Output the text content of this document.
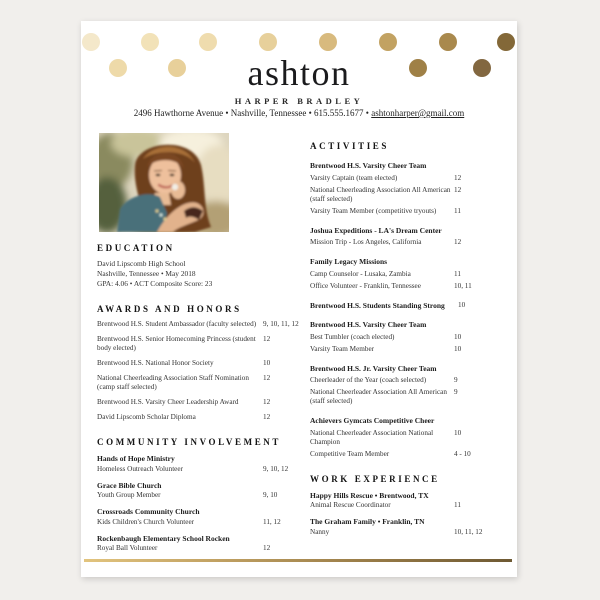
ashton
HARPER BRADLEY
2496 Hawthorne Avenue • Nashville, Tennessee • 615.555.1677 • ashtonharper@gmail.com
EDUCATION
David Lipscomb High School
Nashville, Tennessee • May 2018
GPA: 4.06 • ACT Composite Score: 23
AWARDS AND HONORS
Brentwood H.S. Student Ambassador (faculty selected) 9, 10, 11, 12
Brentwood H.S. Senior Homecoming Princess (student body elected)
12
Brentwood H.S. National Honor Society	10
National Cheerleading Association Staff Nomination (camp staff selected)
12
Brentwood H.S. Varsity Cheer Leadership Award	12
David Lipscomb Scholar Diploma	12
COMMUNITY INVOLVEMENT
Hands of Hope Ministry
Homeless Outreach Volunteer	9, 10, 12
Grace Bible Church
Youth Group Member	9, 10
Crossroads Community Church
Kids Children's Church Volunteer	11, 12
Rockenbaugh Elementary School Rocken
Royal Ball Volunteer	12
ACTIVITIES
Brentwood H.S. Varsity Cheer Team
Varsity Captain (team elected)	12
National Cheerleading Association All American (staff selected)
12
Varsity Team Member (competitive tryouts)	11
Joshua Expeditions - LA's Dream Center
Mission Trip - Los Angeles, California	12
Family Legacy Missions
Camp Counselor - Lusaka, Zambia	11
Office Volunteer - Franklin, Tennessee	10, 11
Brentwood H.S. Students Standing Strong	10
Brentwood H.S. Varsity Cheer Team
Best Tumbler (coach elected)	10
Varsity Team Member	10
Brentwood H.S. Jr. Varsity Cheer Team
Cheerleader of the Year (coach selected)	9
National Cheerleader Association All American (staff selected)
9
Achievers Gymcats Competitive Cheer
National Cheerleader Association National Champion
10
Competitive Team Member	4 - 10
WORK EXPERIENCE
Happy Hills Rescue • Brentwood, TX
Animal Rescue Coordinator	11
The Graham Family • Franklin, TN
Nanny	10, 11, 12
